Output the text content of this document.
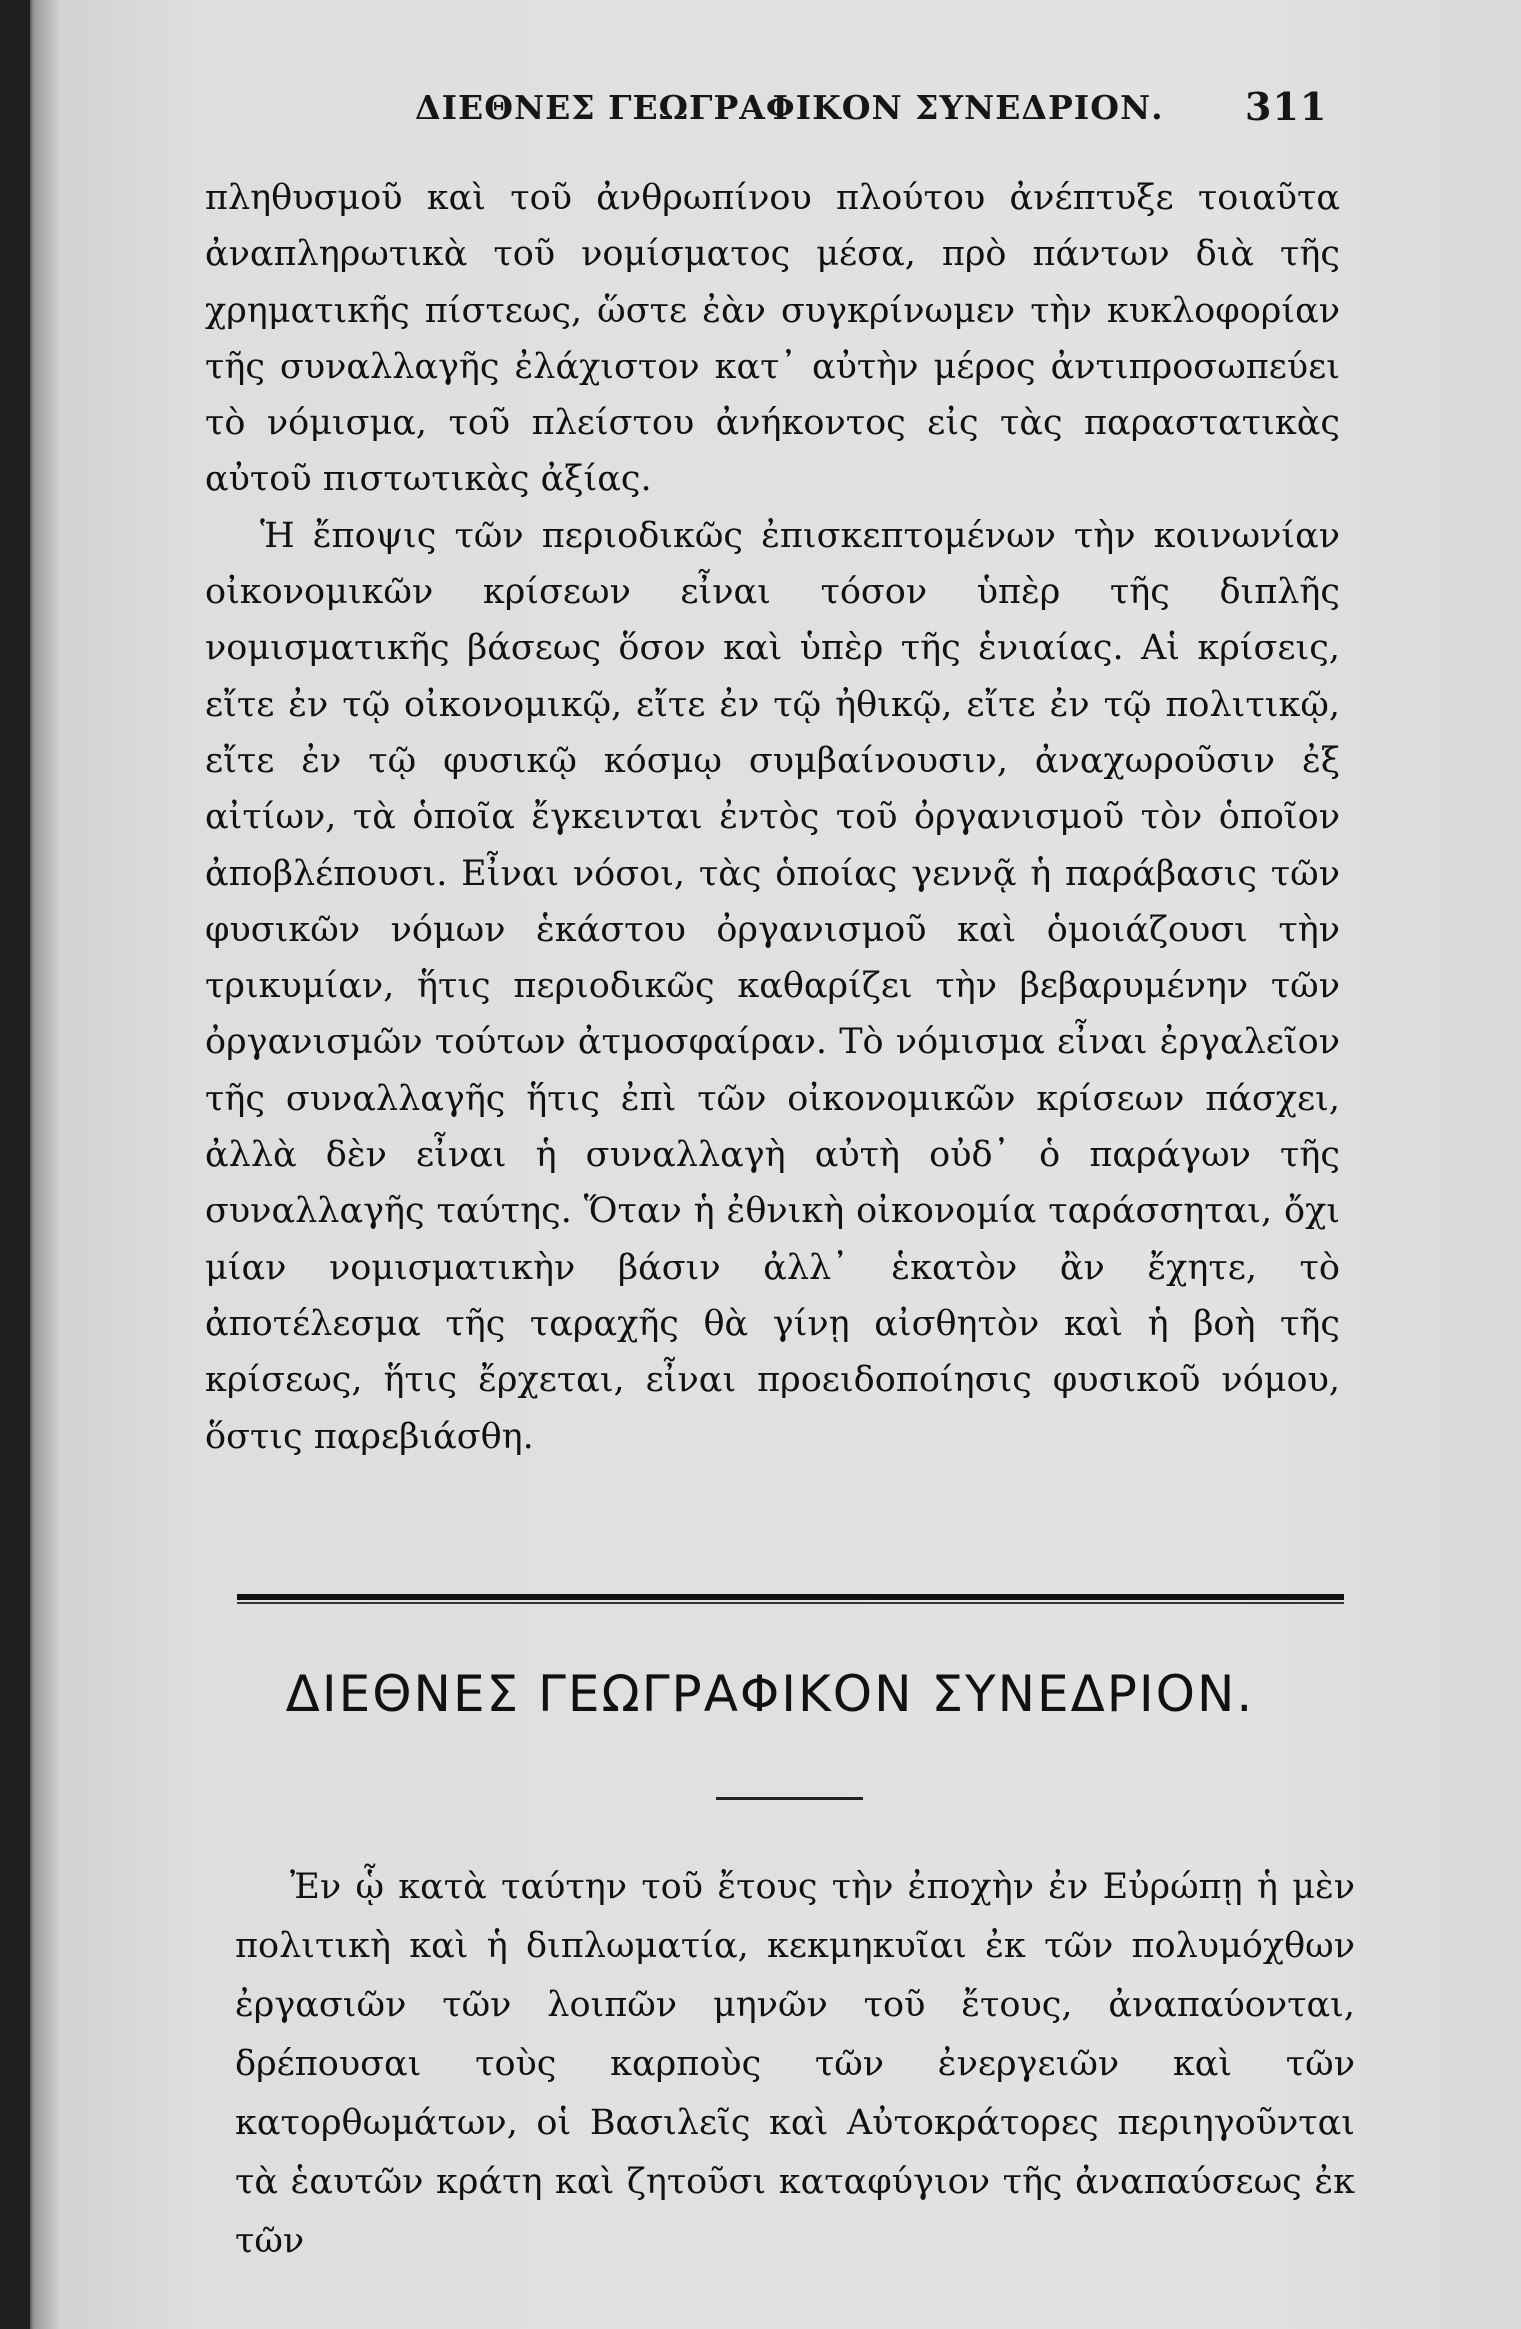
ΔΙΕΘΝΕΣ ΓΕΩΓΡΑΦΙΚΟΝ ΣΥΝΕΔΡΙΟΝ. 311

πληθυσμοῦ καὶ τοῦ ἀνθρωπίνου πλούτου ἀνέπτυξε τοιαῦτα ἀναπληρωτικὰ τοῦ νομίσματος μέσα, πρὸ πάντων διὰ τῆς χρηματικῆς πίστεως, ὥστε ἐὰν συγκρίνωμεν τὴν κυκλοφορίαν τῆς συναλλαγῆς ἐλάχιστον κατ᾽ αὐτὴν μέρος ἀντιπροσωπεύει τὸ νόμισμα, τοῦ πλείστου ἀνήκοντος εἰς τὰς παραστατικὰς αὐτοῦ πιστωτικὰς ἀξίας.

Ἡ ἔποψις τῶν περιοδικῶς ἐπισκεπτομένων τὴν κοινωνίαν οἰκονομικῶν κρίσεων εἶναι τόσον ὑπὲρ τῆς διπλῆς νομισματικῆς βάσεως ὅσον καὶ ὑπὲρ τῆς ἑνιαίας. Αἱ κρίσεις, εἴτε ἐν τῷ οἰκονομικῷ, εἴτε ἐν τῷ ἠθικῷ, εἴτε ἐν τῷ πολιτικῷ, εἴτε ἐν τῷ φυσικῷ κόσμῳ συμβαίνουσιν, ἀναχωροῦσιν ἐξ αἰτίων, τὰ ὁποῖα ἔγκεινται ἐντὸς τοῦ ὀργανισμοῦ τὸν ὁποῖον ἀποβλέπουσι. Εἶναι νόσοι, τὰς ὁποίας γεννᾷ ἡ παράβασις τῶν φυσικῶν νόμων ἑκάστου ὀργανισμοῦ καὶ ὁμοιάζουσι τὴν τρικυμίαν, ἥτις περιοδικῶς καθαρίζει τὴν βεβαρυμένην τῶν ὀργανισμῶν τούτων ἀτμοσφαίραν. Τὸ νόμισμα εἶναι ἐργαλεῖον τῆς συναλλαγῆς ἥτις ἐπὶ τῶν οἰκονομικῶν κρίσεων πάσχει, ἀλλὰ δὲν εἶναι ἡ συναλλαγὴ αὐτὴ οὐδ᾽ ὁ παράγων τῆς συναλλαγῆς ταύτης. Ὅταν ἡ ἐθνικὴ οἰκονομία ταράσσηται, ὄχι μίαν νομισματικὴν βάσιν ἀλλ᾽ ἑκατὸν ἂν ἔχητε, τὸ ἀποτέλεσμα τῆς ταραχῆς θὰ γίνῃ αἰσθητὸν καὶ ἡ βοὴ τῆς κρίσεως, ἥτις ἔρχεται, εἶναι προειδοποίησις φυσικοῦ νόμου, ὅστις παρεβιάσθη.

ΔΙΕΘΝΕΣ ΓΕΩΓΡΑΦΙΚΟΝ ΣΥΝΕΔΡΙΟΝ.

Ἐν ᾧ κατὰ ταύτην τοῦ ἔτους τὴν ἐποχὴν ἐν Εὐρώπῃ ἡ μὲν πολιτικὴ καὶ ἡ διπλωματία, κεκμηκυῖαι ἐκ τῶν πολυμόχθων ἐργασιῶν τῶν λοιπῶν μηνῶν τοῦ ἔτους, ἀναπαύονται, δρέπουσαι τοὺς καρποὺς τῶν ἐνεργειῶν καὶ τῶν κατορθωμάτων, οἱ Βασιλεῖς καὶ Αὐτοκράτορες περιηγοῦνται τὰ ἑαυτῶν κράτη καὶ ζητοῦσι καταφύγιον τῆς ἀναπαύσεως ἐκ τῶν
